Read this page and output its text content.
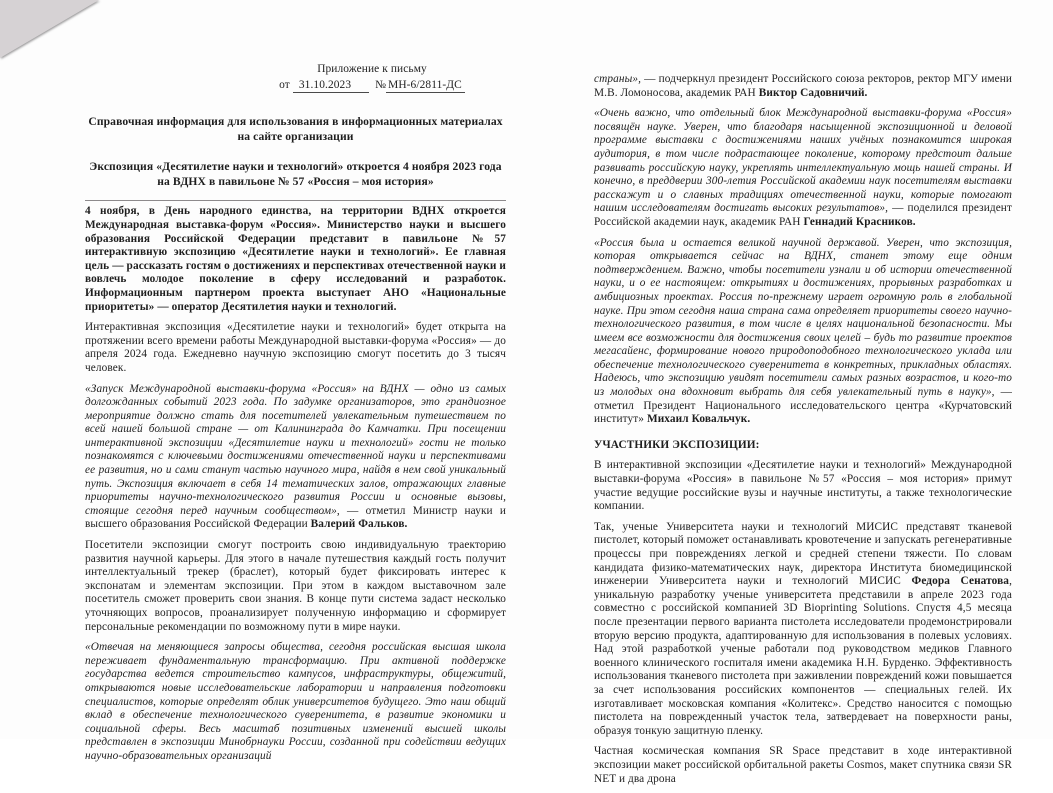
Приложение к письму
от 31.10.2023 № МН-6/2811-ДС
Справочная информация для использования в информационных материалах на сайте организации
Экспозиция «Десятилетие науки и технологий» откроется 4 ноября 2023 года на ВДНХ в павильоне № 57 «Россия – моя история»

4 ноября, в День народного единства, на территории ВДНХ откроется Международная выставка-форум «Россия». Министерство науки и высшего образования Российской Федерации представит в павильоне №57 интерактивную экспозицию «Десятилетие науки и технологий». Ее главная цель — рассказать гостям о достижениях и перспективах отечественной науки и вовлечь молодое поколение в сферу исследований и разработок. Информационным партнером проекта выступает АНО «Национальные приоритеты» — оператор Десятилетия науки и технологий.

Интерактивная экспозиция «Десятилетие науки и технологий» будет открыта на протяжении всего времени работы Международной выставки-форума «Россия» — до апреля 2024 года. Ежедневно научную экспозицию смогут посетить до 3 тысяч человек.

«Запуск Международной выставки-форума «Россия» на ВДНХ — одно из самых долгожданных событий 2023 года. По задумке организаторов, это грандиозное мероприятие должно стать для посетителей увлекательным путешествием по всей нашей большой стране — от Калининграда до Камчатки. При посещении интерактивной экспозиции «Десятилетие науки и технологий» гости не только познакомятся с ключевыми достижениями отечественной науки и перспективами ее развития, но и сами станут частью научного мира, найдя в нем свой уникальный путь. Экспозиция включает в себя 14 тематических залов, отражающих главные приоритеты научно-технологического развития России и основные вызовы, стоящие сегодня перед научным сообществом», — отметил Министр науки и высшего образования Российской Федерации Валерий Фальков.

Посетители экспозиции смогут построить свою индивидуальную траекторию развития научной карьеры. Для этого в начале путешествия каждый гость получит интеллектуальный трекер (браслет), который будет фиксировать интерес к экспонатам и элементам экспозиции. При этом в каждом выставочном зале посетитель сможет проверить свои знания. В конце пути система задаст несколько уточняющих вопросов, проанализирует полученную информацию и сформирует персональные рекомендации по возможному пути в мире науки.

«Отвечая на меняющиеся запросы общества, сегодня российская высшая школа переживает фундаментальную трансформацию. При активной поддержке государства ведется строительство кампусов, инфраструктуры, общежитий, открываются новые исследовательские лаборатории и направления подготовки специалистов, которые определят облик университетов будущего. Это наш общий вклад в обеспечение технологического суверенитета, в развитие экономики и социальной сферы. Весь масштаб позитивных изменений высшей школы представлен в экспозиции Минобрнауки России, созданной при содействии ведущих научно-образовательных организаций

страны», — подчеркнул президент Российского союза ректоров, ректор МГУ имени М.В. Ломоносова, академик РАН Виктор Садовничий.

«Очень важно, что отдельный блок Международной выставки-форума «Россия» посвящён науке. Уверен, что благодаря насыщенной экспозиционной и деловой программе выставки с достижениями наших учёных познакомится широкая аудитория, в том числе подрастающее поколение, которому предстоит дальше развивать российскую науку, укреплять интеллектуальную мощь нашей страны. И конечно, в преддверии 300-летия Российской академии наук посетителям выставки расскажут и о славных традициях отечественной науки, которые помогают нашим исследователям достигать высоких результатов», — поделился президент Российской академии наук, академик РАН Геннадий Красников.

«Россия была и остается великой научной державой. Уверен, что экспозиция, которая открывается сейчас на ВДНХ, станет этому еще одним подтверждением. Важно, чтобы посетители узнали и об истории отечественной науки, и о ее настоящем: открытиях и достижениях, прорывных разработках и амбициозных проектах. Россия по-прежнему играет огромную роль в глобальной науке. При этом сегодня наша страна сама определяет приоритеты своего научно-технологического развития, в том числе в целях национальной безопасности. Мы имеем все возможности для достижения своих целей – будь то развитие проектов мегасайенс, формирование нового природоподобного технологического уклада или обеспечение технологического суверенитета в конкретных, прикладных областях. Надеюсь, что экспозицию увидят посетители самых разных возрастов, и кого-то из молодых она вдохновит выбрать для себя увлекательный путь в науку», — отметил Президент Национального исследовательского центра «Курчатовский институт» Михаил Ковальчук.

УЧАСТНИКИ ЭКСПОЗИЦИИ:

В интерактивной экспозиции «Десятилетие науки и технологий» Международной выставки-форума «Россия» в павильоне №57 «Россия – моя история» примут участие ведущие российские вузы и научные институты, а также технологические компании.

Так, ученые Университета науки и технологий МИСИС представят тканевой пистолет, который поможет останавливать кровотечение и запускать регенеративные процессы при повреждениях легкой и средней степени тяжести. По словам кандидата физико-математических наук, директора Института биомедицинской инженерии Университета науки и технологий МИСИС Федора Сенатова, уникальную разработку ученые университета представили в апреле 2023 года совместно с российской компанией 3D Bioprinting Solutions. Спустя 4,5 месяца после презентации первого варианта пистолета исследователи продемонстрировали вторую версию продукта, адаптированную для использования в полевых условиях. Над этой разработкой ученые работали под руководством медиков Главного военного клинического госпиталя имени академика Н.Н. Бурденко. Эффективность использования тканевого пистолета при заживлении повреждений кожи повышается за счет использования российских компонентов — специальных гелей. Их изготавливает московская компания «Колитекс». Средство наносится с помощью пистолета на поврежденный участок тела, затвердевает на поверхности раны, образуя тонкую защитную пленку.

Частная космическая компания SR Space представит в ходе интерактивной экспозиции макет российской орбитальной ракеты Cosmos, макет спутника связи SR NET и два дрона
